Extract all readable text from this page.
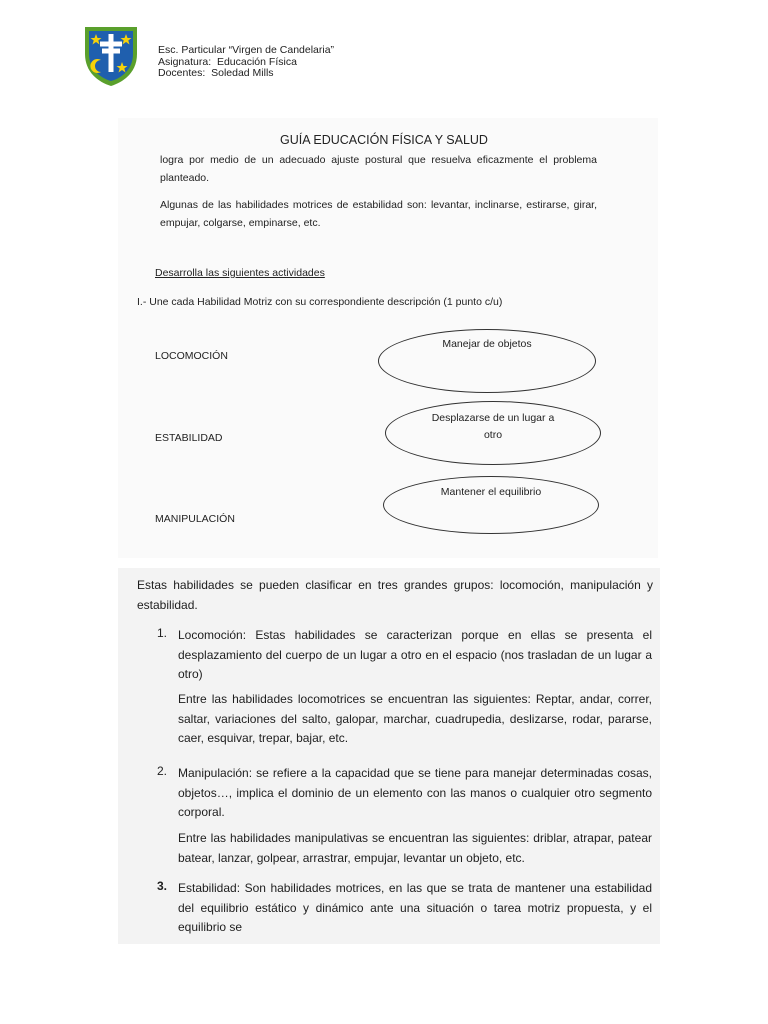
Esc. Particular “Virgen de Candelaria”
Asignatura:  Educación Física
Docentes:  Soledad Mills
GUÍA EDUCACIÓN FÍSICA Y SALUD
logra por medio de un adecuado ajuste postural que resuelva eficazmente el problema planteado.
Algunas de las habilidades motrices de estabilidad son: levantar, inclinarse, estirarse, girar, empujar, colgarse, empinarse, etc.
Desarrolla las siguientes actividades
I.- Une cada Habilidad Motriz con su correspondiente descripción (1 punto c/u)
LOCOMOCIÓN
ESTABILIDAD
MANIPULACIÓN
Manejar de objetos
Desplazarse de un lugar a otro
Mantener el equilibrio
Estas habilidades se pueden clasificar en tres grandes grupos: locomoción, manipulación y estabilidad.
1. Locomoción: Estas habilidades se caracterizan porque en ellas se presenta el desplazamiento del cuerpo de un lugar a otro en el espacio (nos trasladan de un lugar a otro)
Entre las habilidades locomotrices se encuentran las siguientes: Reptar, andar, correr, saltar, variaciones del salto, galopar, marchar, cuadrupedia, deslizarse, rodar, pararse, caer, esquivar, trepar, bajar, etc.
2. Manipulación: se refiere a la capacidad que se tiene para manejar determinadas cosas, objetos…, implica el dominio de un elemento con las manos o cualquier otro segmento corporal.
Entre las habilidades manipulativas se encuentran las siguientes: driblar, atrapar, patear batear, lanzar, golpear, arrastrar, empujar, levantar un objeto, etc.
3. Estabilidad: Son habilidades motrices, en las que se trata de mantener una estabilidad del equilibrio estático y dinámico ante una situación o tarea motriz propuesta, y el equilibrio se
